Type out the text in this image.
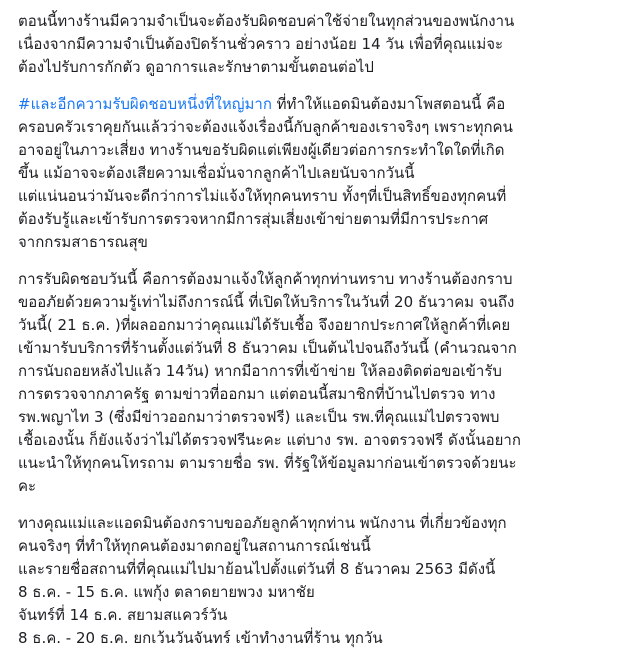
ตอนนี้ทางร้านมีความจำเป็นจะต้องรับผิดชอบค่าใช้จ่ายในทุกส่วนของพนักงาน
เนื่องจากมีความจำเป็นต้องปิดร้านชั่วคราว อย่างน้อย 14 วัน เพื่อที่คุณแม่จะ
ต้องไปรับการกักตัว ดูอาการและรักษาตามขั้นตอนต่อไป
#และอีกความรับผิดชอบหนึ่งที่ใหญ่มาก ที่ทำให้แอดมินต้องมาโพสตอนนี้ คือ
ครอบครัวเราคุยกันแล้วว่าจะต้องแจ้งเรื่องนี้กับลูกค้าของเราจริงๆ เพราะทุกคน
อาจอยู่ในภาวะเสี่ยง ทางร้านขอรับผิดแต่เพียงผู้เดียวต่อการกระทำใดใดที่เกิด
ขึ้น แม้อาจจะต้องเสียความเชื่อมั่นจากลูกค้าไปเลยนับจากวันนี้
แต่แน่นอนว่ามันจะดีกว่าการไม่แจ้งให้ทุกคนทราบ ทั้งๆที่เป็นสิทธิ์ของทุกคนที่
ต้องรับรู้และเข้ารับการตรวจหากมีการสุ่มเสี่ยงเข้าข่ายตามที่มีการประกาศ
จากกรมสาธารณสุข
การรับผิดชอบวันนี้ คือการต้องมาแจ้งให้ลูกค้าทุกท่านทราบ ทางร้านต้องกราบ
ขออภัยด้วยความรู้เท่าไม่ถึงการณ์นี้ ที่เปิดให้บริการในวันที่ 20 ธันวาคม จนถึง
วันนี้( 21 ธ.ค. )ที่ผลออกมาว่าคุณแม่ได้รับเชื้อ จึงอยากประกาศให้ลูกค้าที่เคย
เข้ามารับบริการที่ร้านตั้งแต่วันที่ 8 ธันวาคม เป็นต้นไปจนถึงวันนี้ (คำนวณจาก
การนับถอยหลังไปแล้ว 14วัน) หากมีอาการที่เข้าข่าย ให้ลองติดต่อขอเข้ารับ
การตรวจจากภาครัฐ ตามข่าวที่ออกมา แต่ตอนนี้สมาชิกที่บ้านไปตรวจ ทาง
รพ.พญาไท 3 (ซึ่งมีข่าวออกมาว่าตรวจฟรี) และเป็น รพ.ที่คุณแม่ไปตรวจพบ
เชื้อเองนั้น ก็ยังแจ้งว่าไม่ได้ตรวจฟรีนะคะ แต่บาง รพ. อาจตรวจฟรี ดังนั้นอยาก
แนะนำให้ทุกคนโทรถาม ตามรายชื่อ รพ. ที่รัฐให้ข้อมูลมาก่อนเข้าตรวจด้วยนะ
คะ
ทางคุณแม่และแอดมินต้องกราบขออภัยลูกค้าทุกท่าน พนักงาน ที่เกี่ยวข้องทุก
คนจริงๆ ที่ทำให้ทุกคนต้องมาตกอยู่ในสถานการณ์เช่นนี้
และรายชื่อสถานที่ที่คุณแม่ไปมาย้อนไปตั้งแต่วันที่ 8 ธันวาคม 2563 มีดังนี้
8 ธ.ค. - 15 ธ.ค. แพกุ้ง ตลาดยายพวง มหาชัย
จันทร์ที่ 14 ธ.ค. สยามสแควร์วัน
8 ธ.ค. - 20 ธ.ค. ยกเว้นวันจันทร์ เข้าทำงานที่ร้าน ทุกวัน
